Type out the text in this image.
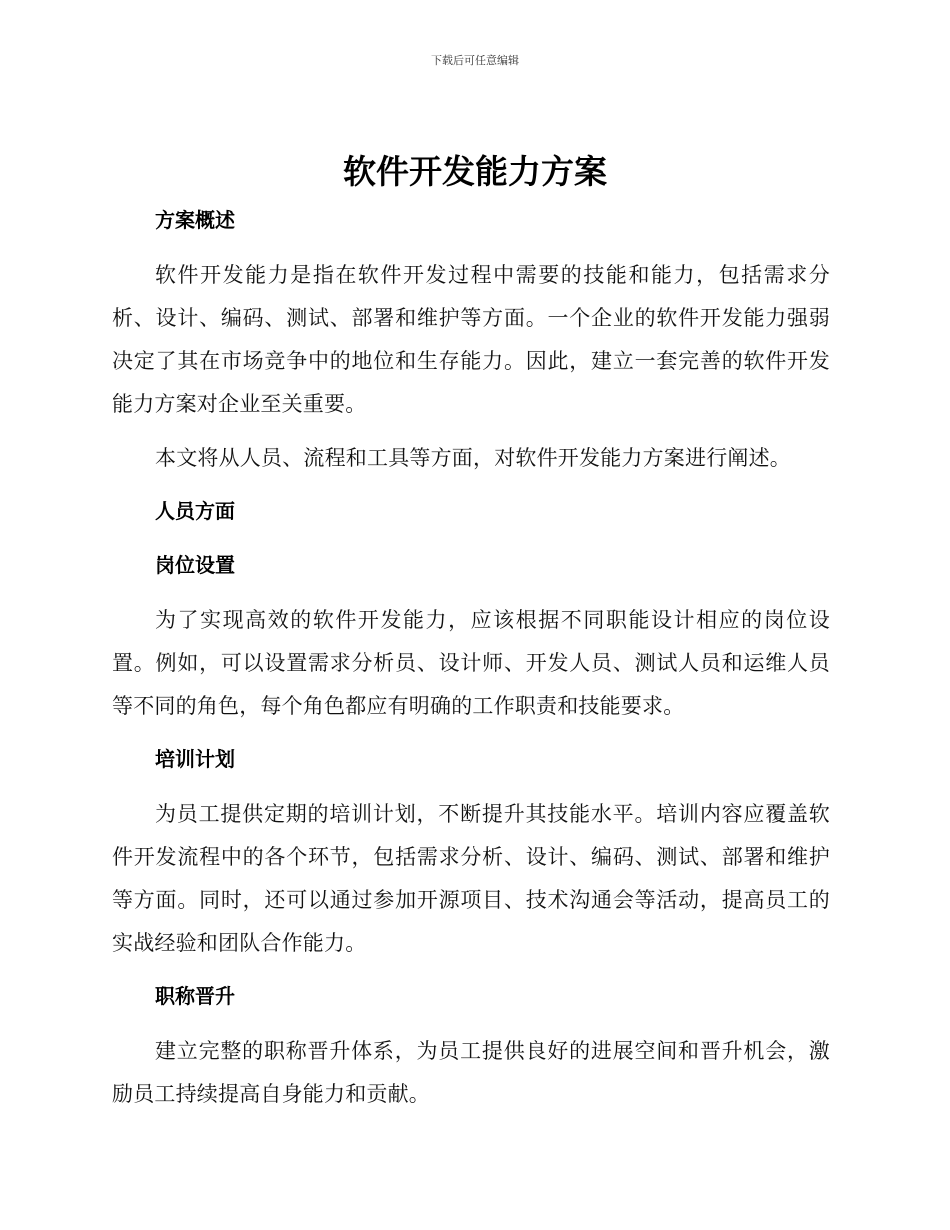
下载后可任意编辑
软件开发能力方案
方案概述

软件开发能力是指在软件开发过程中需要的技能和能力，包括需求分析、设计、编码、测试、部署和维护等方面。一个企业的软件开发能力强弱决定了其在市场竞争中的地位和生存能力。因此，建立一套完善的软件开发能力方案对企业至关重要。

本文将从人员、流程和工具等方面，对软件开发能力方案进行阐述。

人员方面
岗位设置

为了实现高效的软件开发能力，应该根据不同职能设计相应的岗位设置。例如，可以设置需求分析员、设计师、开发人员、测试人员和运维人员等不同的角色，每个角色都应有明确的工作职责和技能要求。

培训计划

为员工提供定期的培训计划，不断提升其技能水平。培训内容应覆盖软件开发流程中的各个环节，包括需求分析、设计、编码、测试、部署和维护等方面。同时，还可以通过参加开源项目、技术沟通会等活动，提高员工的实战经验和团队合作能力。

职称晋升

建立完整的职称晋升体系，为员工提供良好的进展空间和晋升机会，激励员工持续提高自身能力和贡献。
